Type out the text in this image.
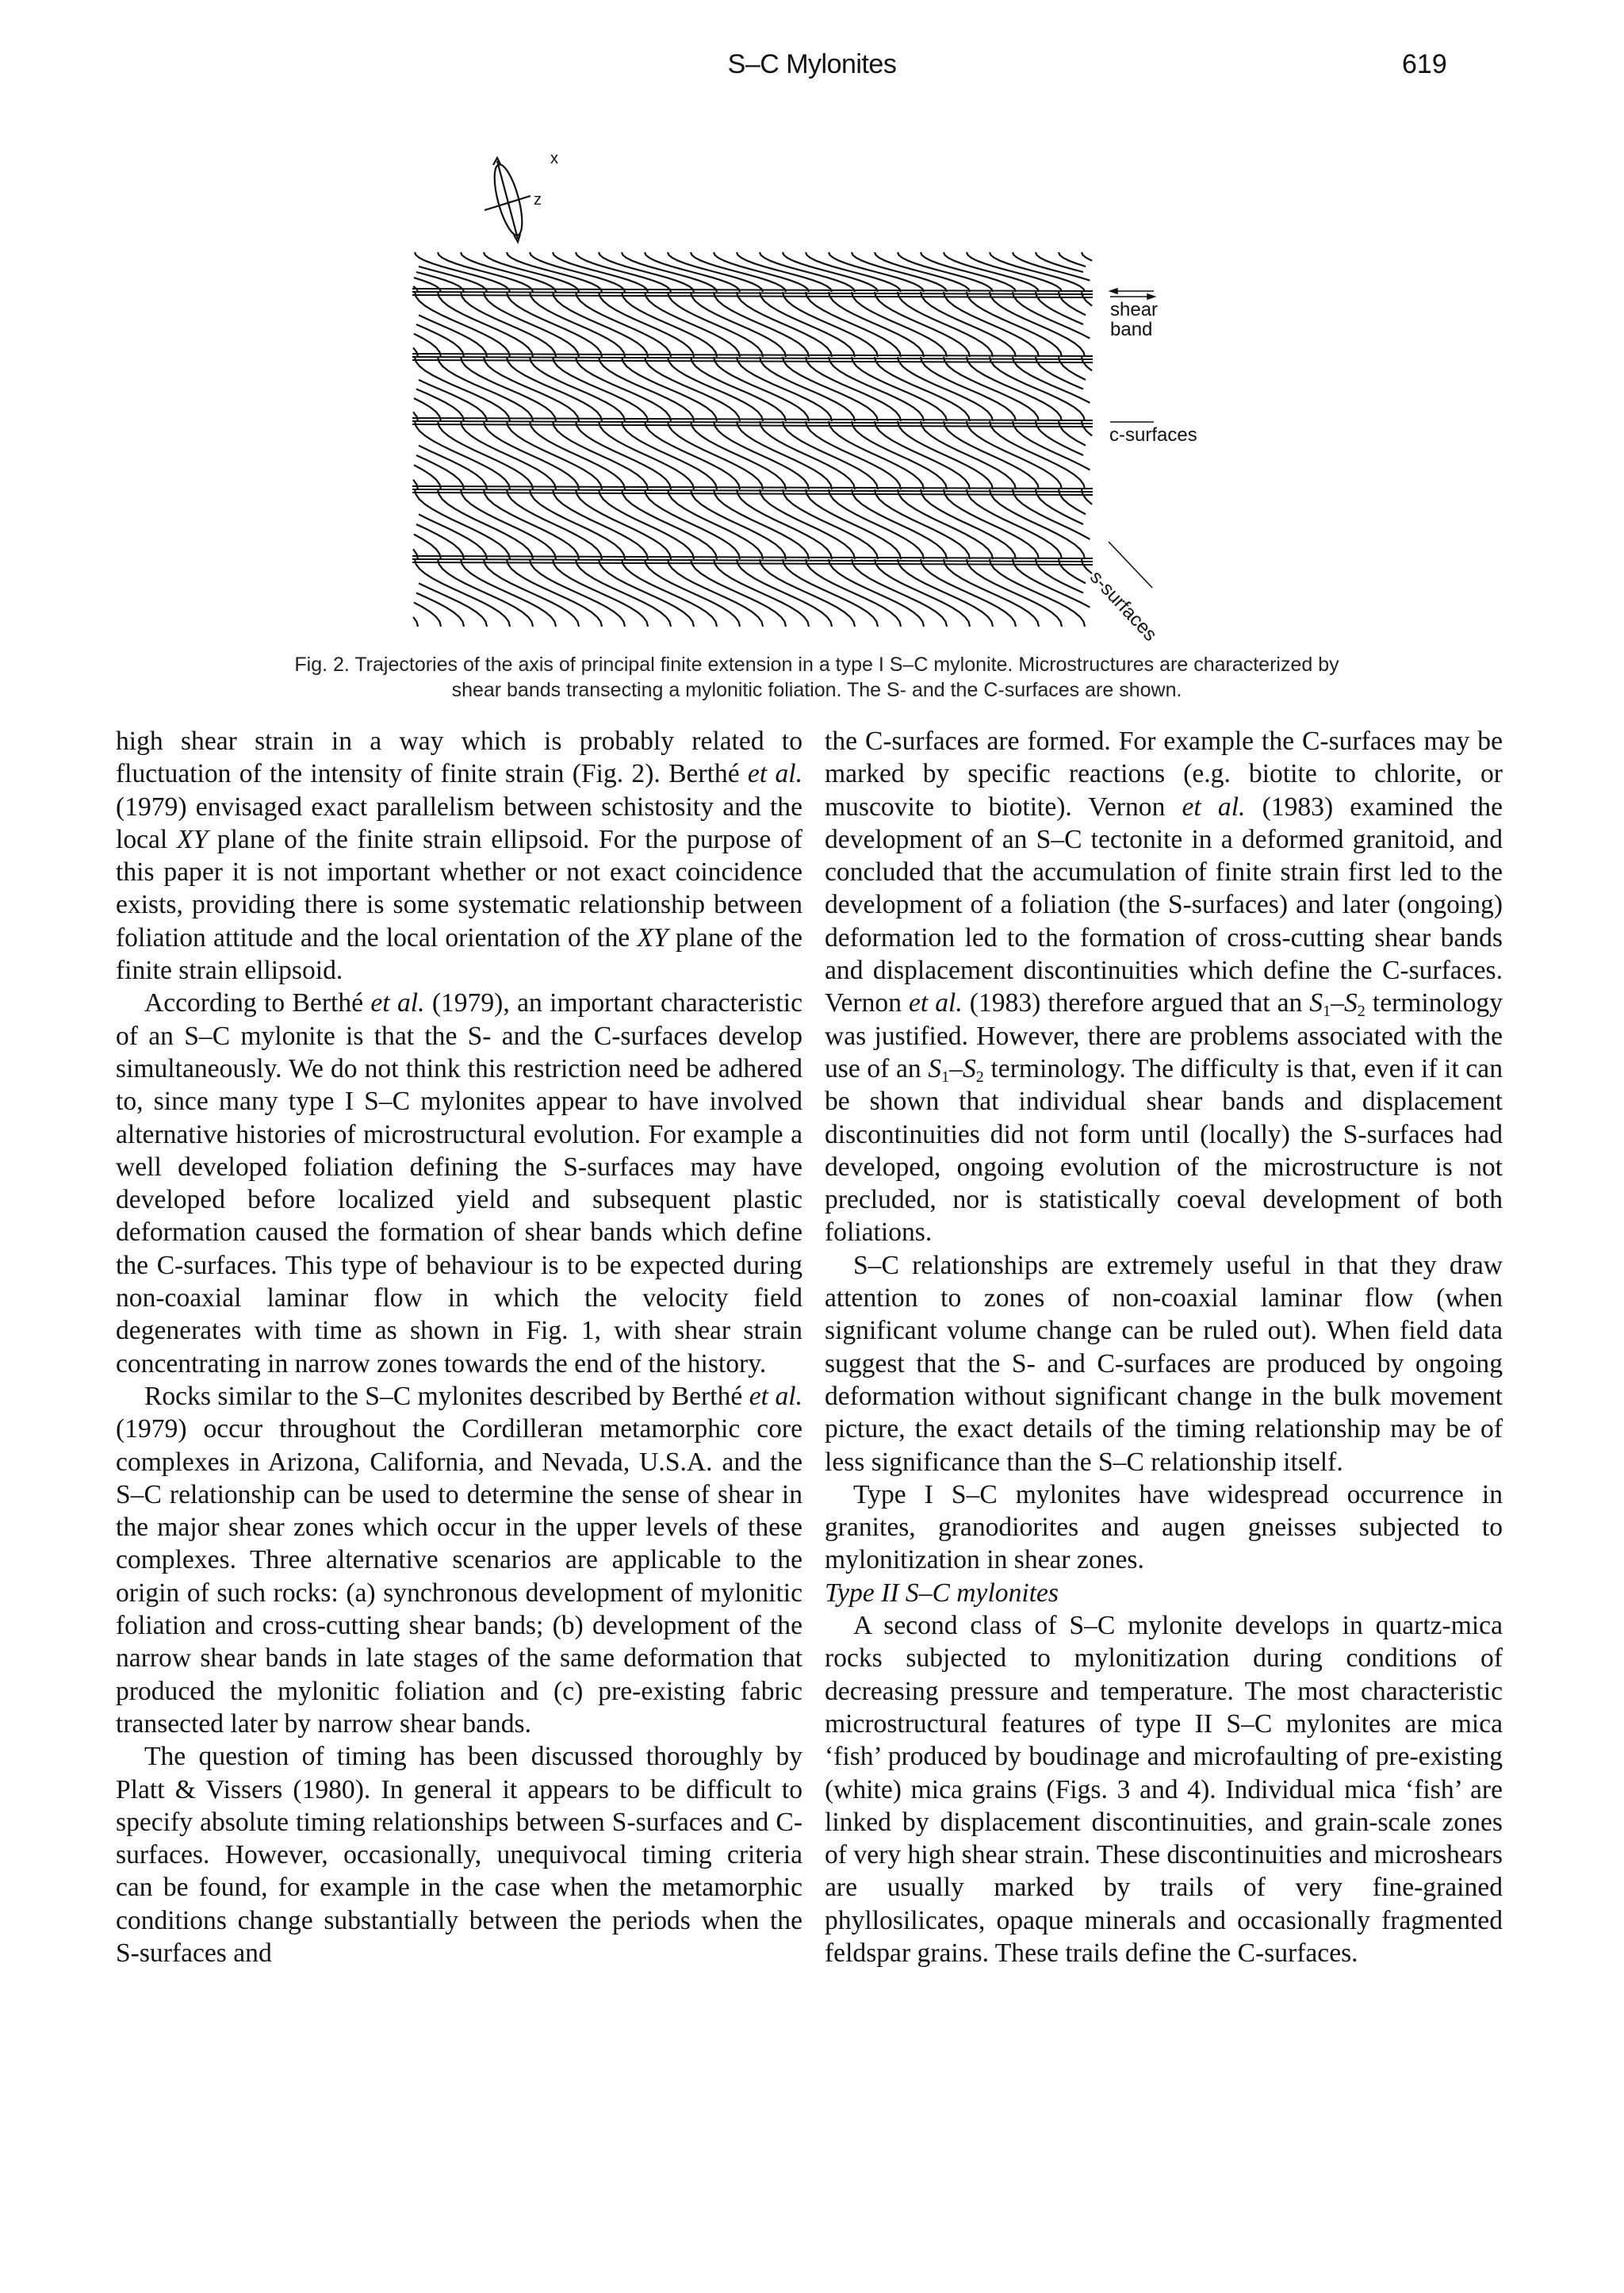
S–C Mylonites	619
shear
band
c-surfaces
s-surfaces
x
z
Fig. 2. Trajectories of the axis of principal finite extension in a type I S–C mylonite. Microstructures are characterized by
shear bands transecting a mylonitic foliation. The S- and the C-surfaces are shown.

high shear strain in a way which is probably related to fluctuation of the intensity of finite strain (Fig. 2). Berthé et al. (1979) envisaged exact parallelism between schistosity and the local XY plane of the finite strain ellipsoid. For the purpose of this paper it is not important whether or not exact coincidence exists, providing there is some systematic relationship between foliation attitude and the local orientation of the XY plane of the finite strain ellipsoid.

According to Berthé et al. (1979), an important characteristic of an S–C mylonite is that the S- and the C-surfaces develop simultaneously. We do not think this restriction need be adhered to, since many type I S–C mylonites appear to have involved alternative histories of microstructural evolution. For example a well developed foliation defining the S-surfaces may have developed before localized yield and subsequent plastic deformation caused the formation of shear bands which define the C-surfaces. This type of behaviour is to be expected during non-coaxial laminar flow in which the velocity field degenerates with time as shown in Fig. 1, with shear strain concentrating in narrow zones towards the end of the history.

Rocks similar to the S–C mylonites described by Berthé et al. (1979) occur throughout the Cordilleran metamorphic core complexes in Arizona, California, and Nevada, U.S.A. and the S–C relationship can be used to determine the sense of shear in the major shear zones which occur in the upper levels of these complexes. Three alternative scenarios are applicable to the origin of such rocks: (a) synchronous development of mylonitic foliation and cross-cutting shear bands; (b) development of the narrow shear bands in late stages of the same deformation that produced the mylonitic foliation and (c) pre-existing fabric transected later by narrow shear bands.

The question of timing has been discussed thoroughly by Platt & Vissers (1980). In general it appears to be difficult to specify absolute timing relationships between S-surfaces and C-surfaces. However, occasionally, unequivocal timing criteria can be found, for example in the case when the metamorphic conditions change substantially between the periods when the S-surfaces and

the C-surfaces are formed. For example the C-surfaces may be marked by specific reactions (e.g. biotite to chlorite, or muscovite to biotite). Vernon et al. (1983) examined the development of an S–C tectonite in a deformed granitoid, and concluded that the accumulation of finite strain first led to the development of a foliation (the S-surfaces) and later (ongoing) deformation led to the formation of cross-cutting shear bands and displacement discontinuities which define the C-surfaces. Vernon et al. (1983) therefore argued that an $S_1-S_2$ terminology was justified. However, there are problems associated with the use of an $S_1-S_2$ terminology. The difficulty is that, even if it can be shown that individual shear bands and displacement discontinuities did not form until (locally) the S-surfaces had developed, ongoing evolution of the microstructure is not precluded, nor is statistically coeval development of both foliations.

S–C relationships are extremely useful in that they draw attention to zones of non-coaxial laminar flow (when significant volume change can be ruled out). When field data suggest that the S- and C-surfaces are produced by ongoing deformation without significant change in the bulk movement picture, the exact details of the timing relationship may be of less significance than the S–C relationship itself.

Type I S–C mylonites have widespread occurrence in granites, granodiorites and augen gneisses subjected to mylonitization in shear zones.

Type II S–C mylonites

A second class of S–C mylonite develops in quartz-mica rocks subjected to mylonitization during conditions of decreasing pressure and temperature. The most characteristic microstructural features of type II S–C mylonites are mica ‘fish’ produced by boudinage and microfaulting of pre-existing (white) mica grains (Figs. 3 and 4). Individual mica ‘fish’ are linked by displacement discontinuities, and grain-scale zones of very high shear strain. These discontinuities and microshears are usually marked by trails of very fine-grained phyllosilicates, opaque minerals and occasionally fragmented feldspar grains. These trails define the C-surfaces.
